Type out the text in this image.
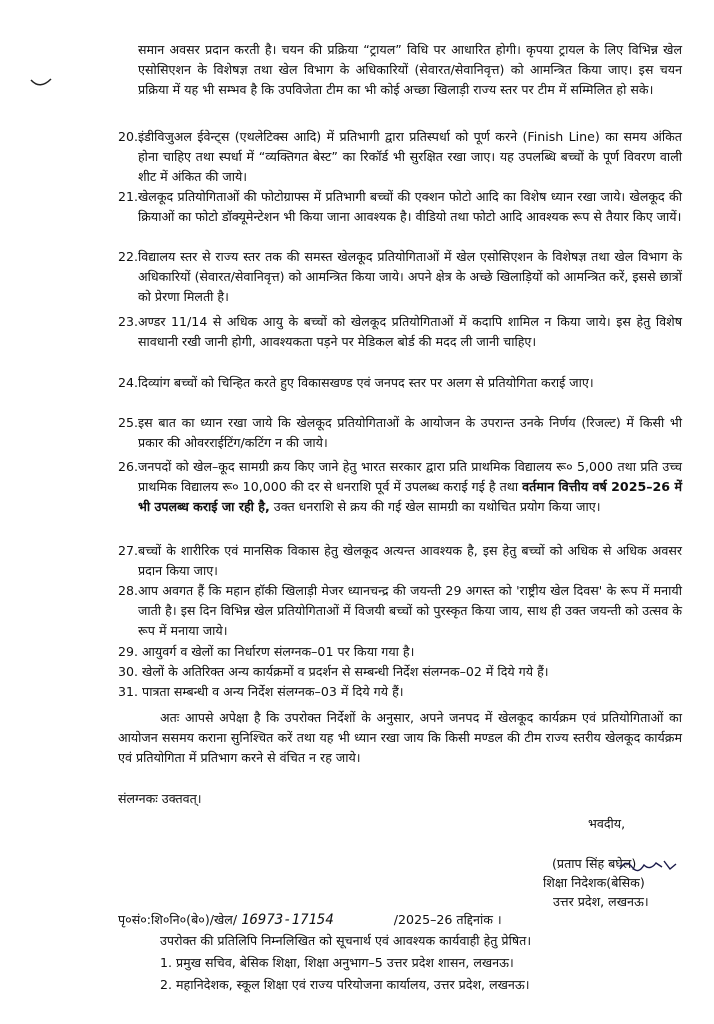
समान अवसर प्रदान करती है। चयन की प्रक्रिया “ट्रायल” विधि पर आधारित होगी। कृपया ट्रायल के लिए विभिन्न खेल एसोसिएशन के विशेषज्ञ तथा खेल विभाग के अधिकारियों (सेवारत/सेवानिवृत्त) को आमन्त्रित किया जाए। इस चयन प्रक्रिया में यह भी सम्भव है कि उपविजेता टीम का भी कोई अच्छा खिलाड़ी राज्य स्तर पर टीम में सम्मिलित हो सके।
20. इंडीविजुअल ईवेन्ट्स (एथलेटिक्स आदि) में प्रतिभागी द्वारा प्रतिस्पर्धा को पूर्ण करने (Finish Line) का समय अंकित होना चाहिए तथा स्पर्धा में “व्यक्तिगत बेस्ट” का रिकॉर्ड भी सुरक्षित रखा जाए। यह उपलब्धि बच्चों के पूर्ण विवरण वाली शीट में अंकित की जाये।
21. खेलकूद प्रतियोगिताओं की फोटोग्राफ्स में प्रतिभागी बच्चों की एक्शन फोटो आदि का विशेष ध्यान रखा जाये। खेलकूद की क्रियाओं का फोटो डॉक्यूमेन्टेशन भी किया जाना आवश्यक है। वीडियो तथा फोटो आदि आवश्यक रूप से तैयार किए जायें।
22. विद्यालय स्तर से राज्य स्तर तक की समस्त खेलकूद प्रतियोगिताओं में खेल एसोसिएशन के विशेषज्ञ तथा खेल विभाग के अधिकारियों (सेवारत/सेवानिवृत्त) को आमन्त्रित किया जाये। अपने क्षेत्र के अच्छे खिलाड़ियों को आमन्त्रित करें, इससे छात्रों को प्रेरणा मिलती है।
23. अण्डर 11/14 से अधिक आयु के बच्चों को खेलकूद प्रतियोगिताओं में कदापि शामिल न किया जाये। इस हेतु विशेष सावधानी रखी जानी होगी, आवश्यकता पड़ने पर मेडिकल बोर्ड की मदद ली जानी चाहिए।
24. दिव्यांग बच्चों को चिन्हित करते हुए विकासखण्ड एवं जनपद स्तर पर अलग से प्रतियोगिता कराई जाए।
25. इस बात का ध्यान रखा जाये कि खेलकूद प्रतियोगिताओं के आयोजन के उपरान्त उनके निर्णय (रिजल्ट) में किसी भी प्रकार की ओवरराईटिंग/कटिंग न की जाये।
26. जनपदों को खेल–कूद सामग्री क्रय किए जाने हेतु भारत सरकार द्वारा प्रति प्राथमिक विद्यालय रू० 5,000 तथा प्रति उच्च प्राथमिक विद्यालय रू० 10,000 की दर से धनराशि पूर्व में उपलब्ध कराई गई है तथा वर्तमान वित्तीय वर्ष 2025–26 में भी उपलब्ध कराई जा रही है, उक्त धनराशि से क्रय की गई खेल सामग्री का यथोचित प्रयोग किया जाए।
27. बच्चों के शारीरिक एवं मानसिक विकास हेतु खेलकूद अत्यन्त आवश्यक है, इस हेतु बच्चों को अधिक से अधिक अवसर प्रदान किया जाए।
28. आप अवगत हैं कि महान हॉकी खिलाड़ी मेजर ध्यानचन्द्र की जयन्ती 29 अगस्त को 'राष्ट्रीय खेल दिवस' के रूप में मनायी जाती है। इस दिन विभिन्न खेल प्रतियोगिताओं में विजयी बच्चों को पुरस्कृत किया जाय, साथ ही उक्त जयन्ती को उत्सव के रूप में मनाया जाये।
29. आयुवर्ग व खेलों का निर्धारण संलग्नक–01 पर किया गया है।
30. खेलों के अतिरिक्त अन्य कार्यक्रमों व प्रदर्शन से सम्बन्धी निर्देश संलग्नक–02 में दिये गये हैं।
31. पात्रता सम्बन्धी व अन्य निर्देश संलग्नक–03 में दिये गये हैं।
अतः आपसे अपेक्षा है कि उपरोक्त निर्देशों के अनुसार, अपने जनपद में खेलकूद कार्यक्रम एवं प्रतियोगिताओं का आयोजन ससमय कराना सुनिश्चित करें तथा यह भी ध्यान रखा जाय कि किसी मण्डल की टीम राज्य स्तरीय खेलकूद कार्यक्रम एवं प्रतियोगिता में प्रतिभाग करने से वंचित न रह जाये।
संलग्नकः उक्तवत्।
भवदीय,
(प्रताप सिंह बघेल)
शिक्षा निदेशक(बेसिक)
उत्तर प्रदेश, लखनऊ।
पृ०सं०:शि०नि०(बे०)/खेल/ 16973-17154	/2025–26 तद्दिनांक ।
उपरोक्त की प्रतिलिपि निम्नलिखित को सूचनार्थ एवं आवश्यक कार्यवाही हेतु प्रेषित।
1. प्रमुख सचिव, बेसिक शिक्षा, शिक्षा अनुभाग–5 उत्तर प्रदेश शासन, लखनऊ।
2. महानिदेशक, स्कूल शिक्षा एवं राज्य परियोजना कार्यालय, उत्तर प्रदेश, लखनऊ।
